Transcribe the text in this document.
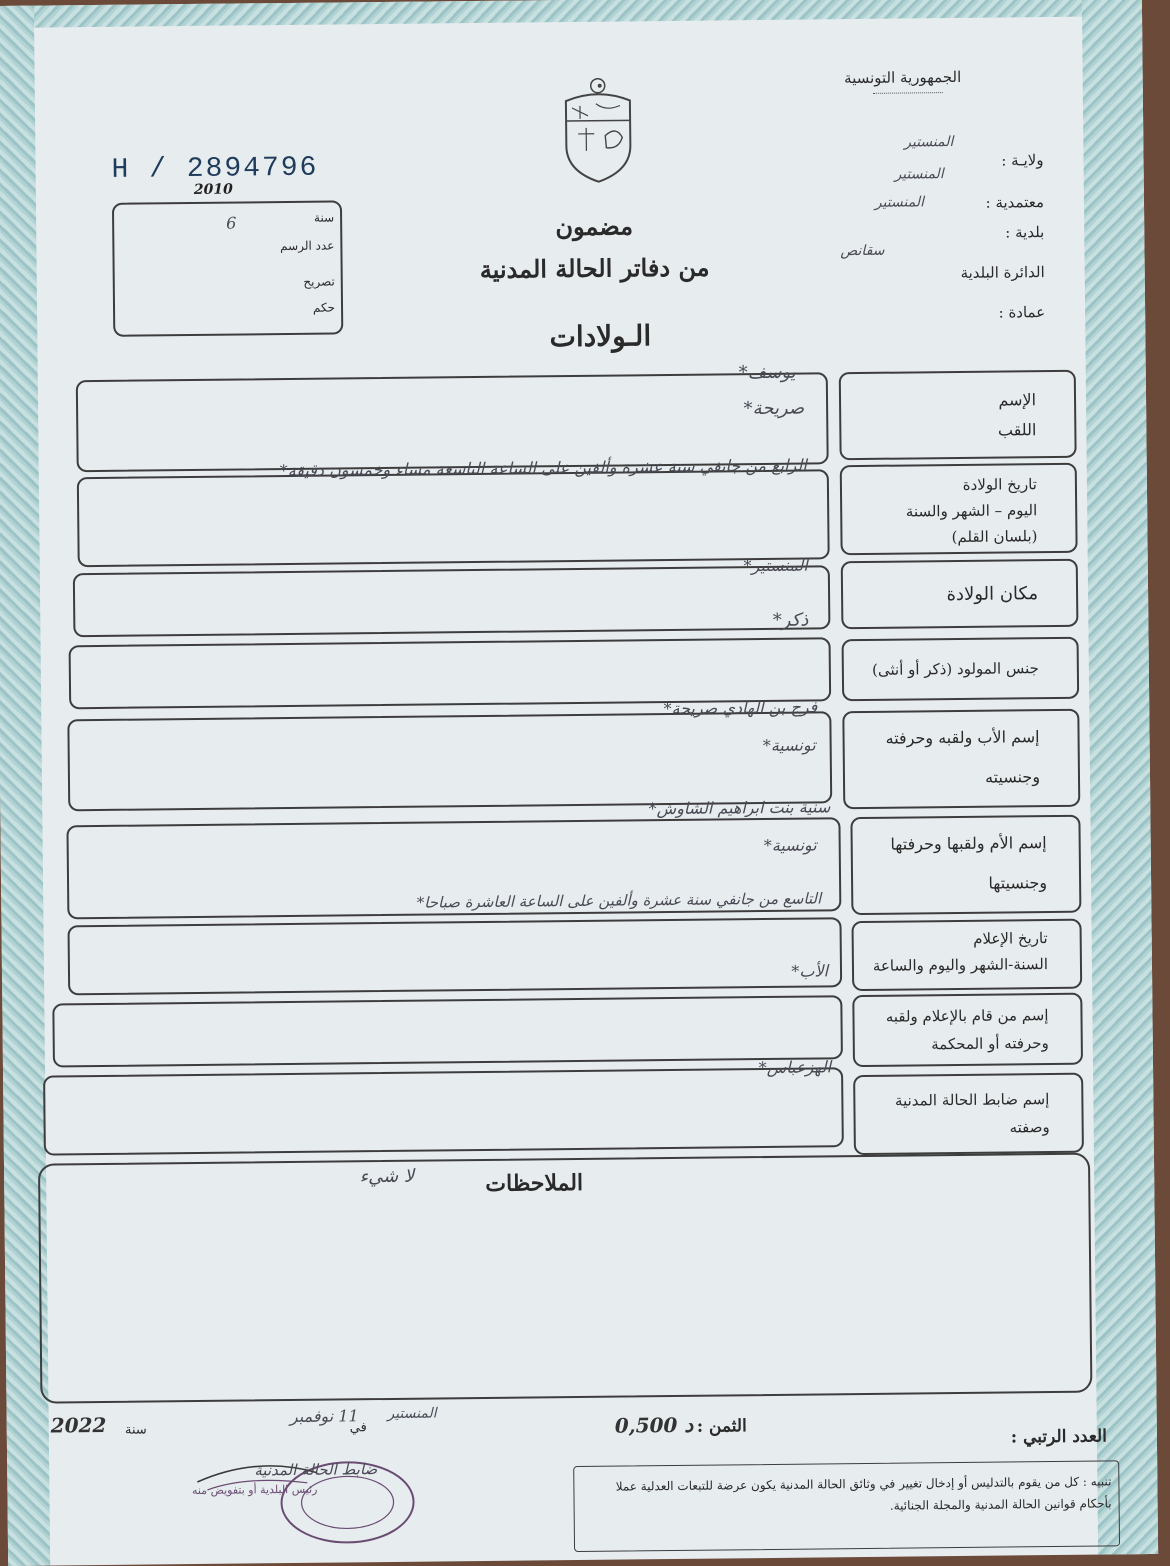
الجمهورية التونسية
H / 2894796
2010
سنة
عدد الرسم
6
تصريح
حكم
ولايـة :
المنستير
معتمدية :
المنستير
بلدية :
المنستير
الدائرة البلدية
سقانص
عمادة :
مضمون
من دفاتر الحالة المدنية
الـولادات
الإسم
اللقب
يوسف*
صريحة*
تاريخ الولادة
اليوم – الشهر والسنة
(بلسان القلم)
الرابع من جانفي سنة عشرة وألفين على الساعة التاسعة مساء وخمسون دقيقة*
مكان الولادة
المنستير*
جنس المولود (ذكر أو أنثى)
ذكر*
إسم الأب ولقبه وحرفته
وجنسيته
فرج بن الهادي صريحة*
تونسية*
إسم الأم ولقبها وحرفتها
وجنسيتها
سنية بنت ابراهيم الشاوش*
تونسية*
تاريخ الإعلام
السنة-الشهر واليوم والساعة
التاسع من جانفي سنة عشرة وألفين على الساعة العاشرة صباحا*
إسم من قام بالإعلام ولقبه
وحرفته أو المحكمة
الأب*
إسم ضابط الحالة المدنية
وصفته
الهزعباس*
الملاحظات
لا شيء
سنة
2022	11 نوفمبر
في
المنستير
الثمن :
0,500 د
العدد الرتبي :
ضابط الحالة المدنية
رئيس البلدية أو بتفويض منه	تنبيه : كل من يقوم بالتدليس أو إدخال تغيير في وثائق الحالة المدنية يكون عرضة للتبعات العدلية عملا بأحكام قوانين الحالة المدنية والمجلة الجنائية.
